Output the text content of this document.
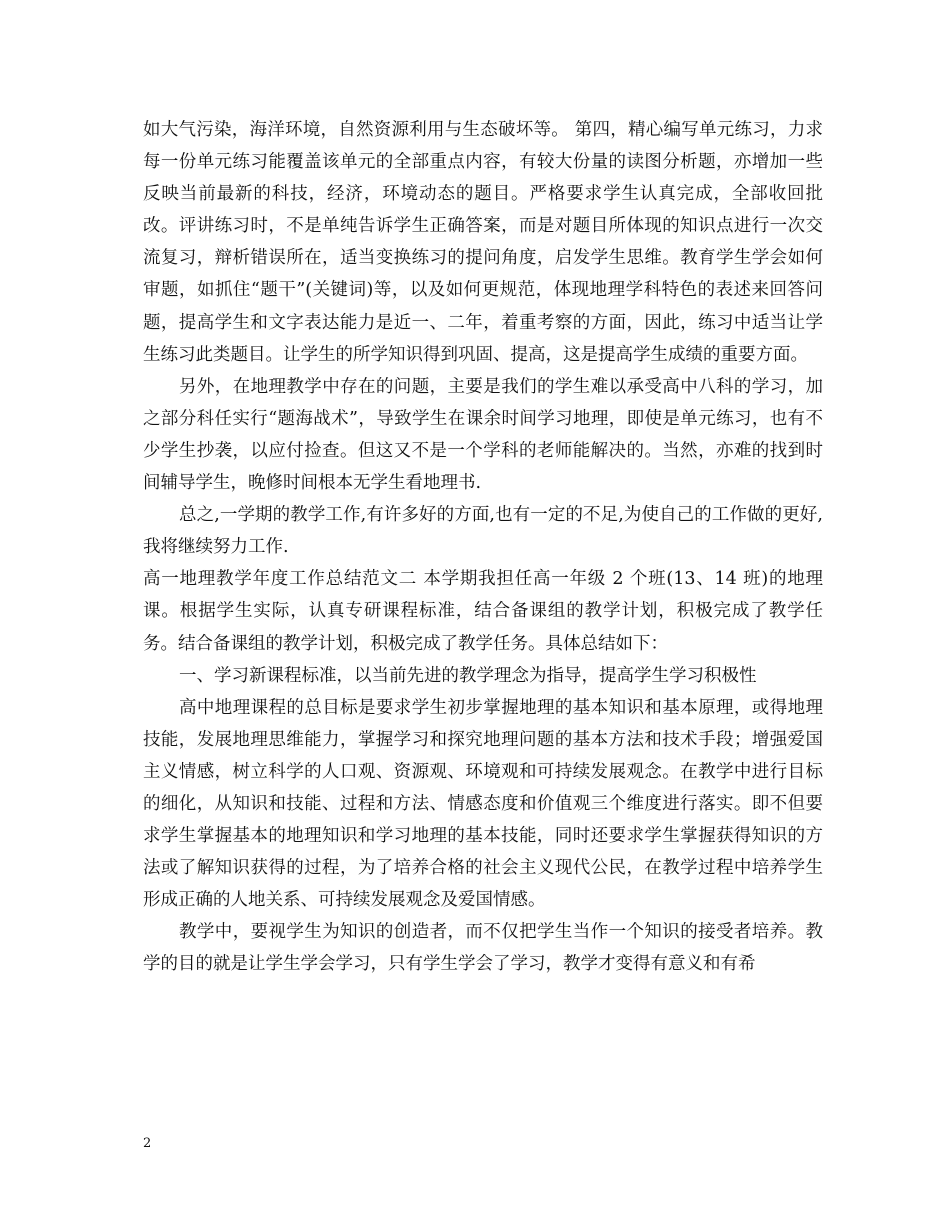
如大气污染，海洋环境，自然资源利用与生态破坏等。 第四，精心编写单元练习，力求每一份单元练习能覆盖该单元的全部重点内容，有较大份量的读图分析题，亦增加一些反映当前最新的科技，经济，环境动态的题目。严格要求学生认真完成，全部收回批改。评讲练习时，不是单纯告诉学生正确答案，而是对题目所体现的知识点进行一次交流复习，辩析错误所在，适当变换练习的提问角度，启发学生思维。教育学生学会如何审题，如抓住“题干”(关键词)等，以及如何更规范，体现地理学科特色的表述来回答问题，提高学生和文字表达能力是近一、二年，着重考察的方面，因此，练习中适当让学生练习此类题目。让学生的所学知识得到巩固、提高，这是提高学生成绩的重要方面。

另外，在地理教学中存在的问题，主要是我们的学生难以承受高中八科的学习，加之部分科任实行“题海战术”，导致学生在课余时间学习地理，即使是单元练习，也有不少学生抄袭，以应付捡查。但这又不是一个学科的老师能解决的。当然，亦难的找到时间辅导学生，晚修时间根本无学生看地理书.

总之,一学期的教学工作,有许多好的方面,也有一定的不足,为使自己的工作做的更好,我将继续努力工作.

高一地理教学年度工作总结范文二 本学期我担任高一年级 2 个班(13、14 班)的地理课。根据学生实际，认真专研课程标准，结合备课组的教学计划，积极完成了教学任务。结合备课组的教学计划，积极完成了教学任务。具体总结如下：

一、学习新课程标准，以当前先进的教学理念为指导，提高学生学习积极性

高中地理课程的总目标是要求学生初步掌握地理的基本知识和基本原理，或得地理技能，发展地理思维能力，掌握学习和探究地理问题的基本方法和技术手段；增强爱国主义情感，树立科学的人口观、资源观、环境观和可持续发展观念。在教学中进行目标的细化，从知识和技能、过程和方法、情感态度和价值观三个维度进行落实。即不但要求学生掌握基本的地理知识和学习地理的基本技能，同时还要求学生掌握获得知识的方法或了解知识获得的过程，为了培养合格的社会主义现代公民，在教学过程中培养学生形成正确的人地关系、可持续发展观念及爱国情感。

教学中，要视学生为知识的创造者，而不仅把学生当作一个知识的接受者培养。教学的目的就是让学生学会学习，只有学生学会了学习，教学才变得有意义和有希

2
